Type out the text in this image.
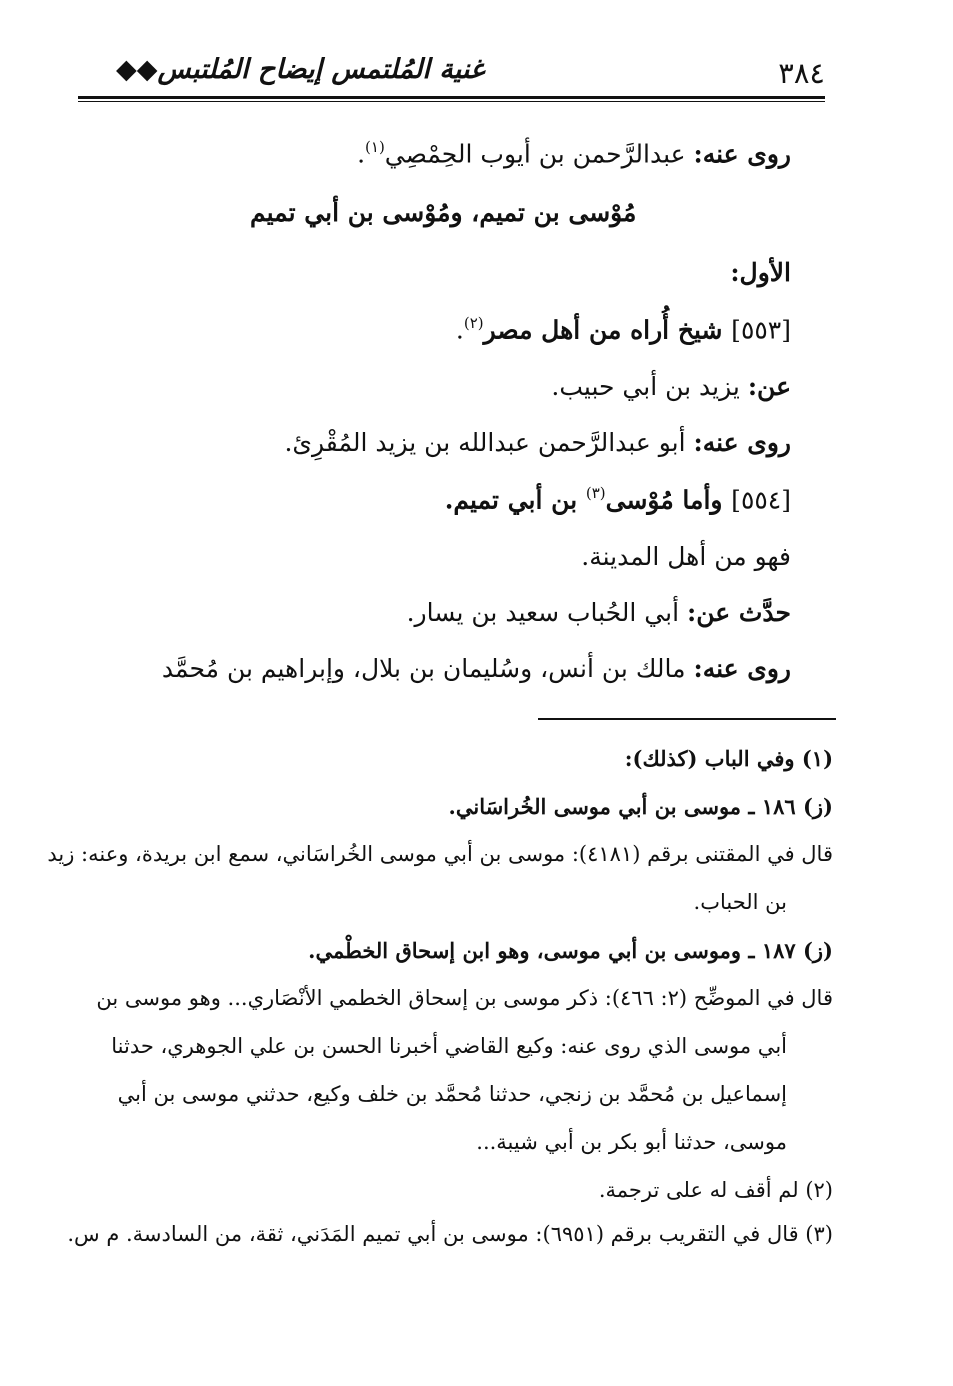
٣٨٤
غنية المُلتمس إيضاح المُلتبس◆◆
روى عنه: عبدالرَّحمن بن أيوب الحِمْصِي$^{(١)}$.
مُوْسى بن تميم، ومُوْسى بن أبي تميم
الأول:
[٥٥٣] شيخ أُراه من أهل مصر$^{(٢)}$.
عن: يزيد بن أبي حبيب.
روى عنه: أبو عبدالرَّحمن عبدالله بن يزيد المُقْرِئ.
[٥٥٤] وأما مُوْسى$^{(٣)}$ بن أبي تميم.
فهو من أهل المدينة.
حدَّث عن: أبي الحُباب سعيد بن يسار.
روى عنه: مالك بن أنس، وسُليمان بن بلال، وإبراهيم بن مُحمَّد
(١) وفي الباب (كذلك):
(ز) ١٨٦ ـ موسى بن أبي موسى الخُراسَاني.
قال في المقتنى برقم (٤١٨١): موسى بن أبي موسى الخُراسَاني، سمع ابن بريدة، وعنه: زيد
بن الحباب.
(ز) ١٨٧ ـ وموسى بن أبي موسى، وهو ابن إسحاق الخطْمي.
قال في الموضِّح (٢: ٤٦٦): ذكر موسى بن إسحاق الخطمي الأنْصَاري... وهو موسى بن
أبي موسى الذي روى عنه: وكيع القاضي أخبرنا الحسن بن علي الجوهري، حدثنا
إسماعيل بن مُحمَّد بن زنجي، حدثنا مُحمَّد بن خلف وكيع، حدثني موسى بن أبي
موسى، حدثنا أبو بكر بن أبي شيبة...
(٢) لم أقف له على ترجمة.
(٣) قال في التقريب برقم (٦٩٥١): موسى بن أبي تميم المَدَني، ثقة، من السادسة. م س.
